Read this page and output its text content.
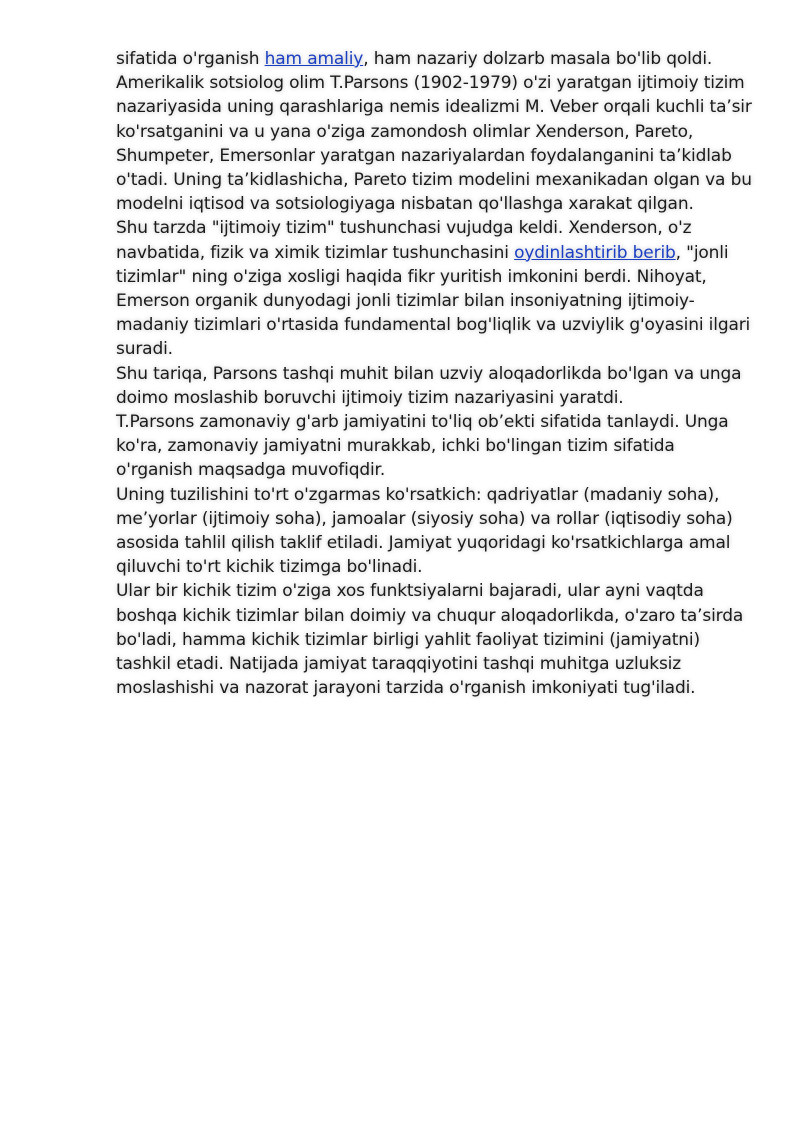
sifatida o'rganish ham amaliy, ham nazariy dolzarb masala bo'lib qoldi. Amerikalik sotsiolog olim T.Parsons (1902-1979) o'zi yaratgan ijtimoiy tizim nazariyasida uning qarashlariga nemis idealizmi M. Veber orqali kuchli ta’sir ko'rsatganini va u yana o'ziga zamondosh olimlar Xenderson, Pareto, Shumpeter, Emersonlar yaratgan nazariyalardan foydalanganini ta’kidlab o'tadi. Uning ta’kidlashicha, Pareto tizim modelini mexanikadan olgan va bu modelni iqtisod va sotsiologiyaga nisbatan qo'llashga xarakat qilgan.

Shu tarzda "ijtimoiy tizim" tushunchasi vujudga keldi. Xenderson, o'z navbatida, fizik va ximik tizimlar tushunchasini oydinlashtirib berib, "jonli tizimlar" ning o'ziga xosligi haqida fikr yuritish imkonini berdi. Nihoyat, Emerson organik dunyodagi jonli tizimlar bilan insoniyatning ijtimoiy-madaniy tizimlari o'rtasida fundamental bog'liqlik va uzviylik g'oyasini ilgari suradi.

Shu tariqa, Parsons tashqi muhit bilan uzviy aloqadorlikda bo'lgan va unga doimo moslashib boruvchi ijtimoiy tizim nazariyasini yaratdi.

T.Parsons zamonaviy g'arb jamiyatini to'liq ob’ekti sifatida tanlaydi. Unga ko'ra, zamonaviy jamiyatni murakkab, ichki bo'lingan tizim sifatida o'rganish maqsadga muvofiqdir.

Uning tuzilishini to'rt o'zgarmas ko'rsatkich: qadriyatlar (madaniy soha), me’yorlar (ijtimoiy soha), jamoalar (siyosiy soha) va rollar (iqtisodiy soha) asosida tahlil qilish taklif etiladi. Jamiyat yuqoridagi ko'rsatkichlarga amal qiluvchi to'rt kichik tizimga bo'linadi.

Ular bir kichik tizim o'ziga xos funktsiyalarni bajaradi, ular ayni vaqtda boshqa kichik tizimlar bilan doimiy va chuqur aloqadorlikda, o'zaro ta’sirda bo'ladi, hamma kichik tizimlar birligi yahlit faoliyat tizimini (jamiyatni) tashkil etadi. Natijada jamiyat taraqqiyotini tashqi muhitga uzluksiz moslashishi va nazorat jarayoni tarzida o'rganish imkoniyati tug'iladi.
